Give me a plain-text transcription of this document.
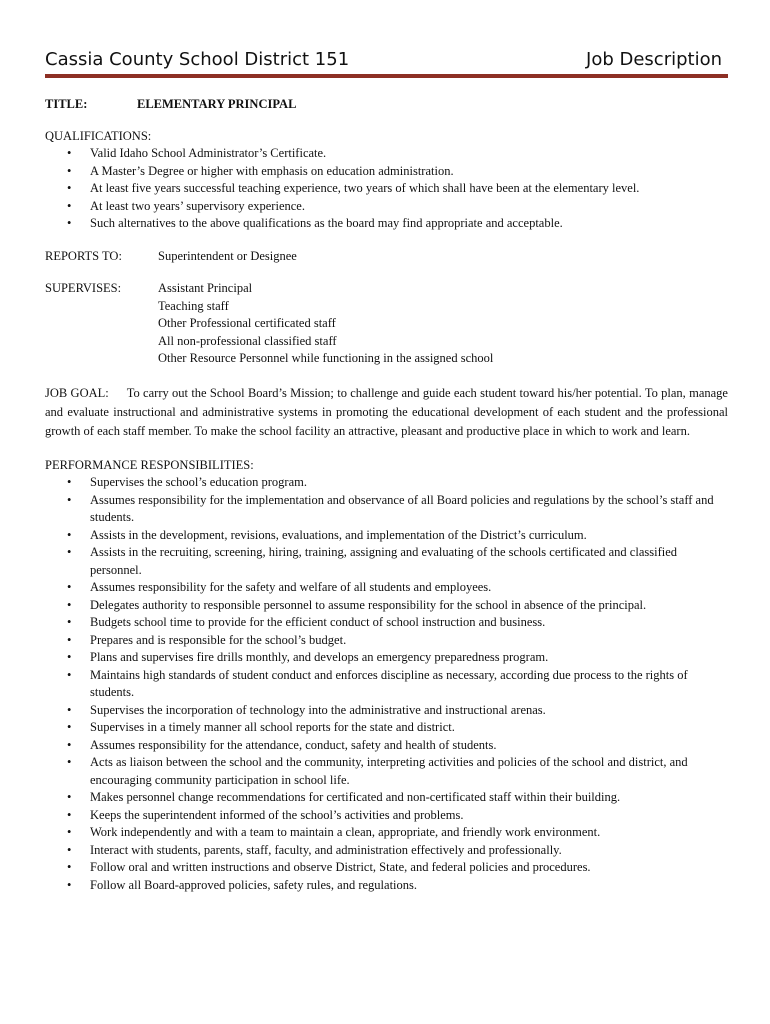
Cassia County School District 151	Job Description
TITLE:	ELEMENTARY PRINCIPAL
QUALIFICATIONS:
• Valid Idaho School Administrator’s Certificate.
• A Master’s Degree or higher with emphasis on education administration.
• At least five years successful teaching experience, two years of which shall have been at the elementary level.
• At least two years’ supervisory experience.
• Such alternatives to the above qualifications as the board may find appropriate and acceptable.
REPORTS TO:	Superintendent or Designee
SUPERVISES:	Assistant Principal
Teaching staff
Other Professional certificated staff
All non-professional classified staff
Other Resource Personnel while functioning in the assigned school
JOB GOAL: To carry out the School Board’s Mission; to challenge and guide each student toward his/her potential. To plan, manage and evaluate instructional and administrative systems in promoting the educational development of each student and the professional growth of each staff member. To make the school facility an attractive, pleasant and productive place in which to work and learn.
PERFORMANCE RESPONSIBILITIES:
• Supervises the school’s education program.
• Assumes responsibility for the implementation and observance of all Board policies and regulations by the school’s staff and students.
• Assists in the development, revisions, evaluations, and implementation of the District’s curriculum.
• Assists in the recruiting, screening, hiring, training, assigning and evaluating of the schools certificated and classified personnel.
• Assumes responsibility for the safety and welfare of all students and employees.
• Delegates authority to responsible personnel to assume responsibility for the school in absence of the principal.
• Budgets school time to provide for the efficient conduct of school instruction and business.
• Prepares and is responsible for the school’s budget.
• Plans and supervises fire drills monthly, and develops an emergency preparedness program.
• Maintains high standards of student conduct and enforces discipline as necessary, according due process to the rights of students.
• Supervises the incorporation of technology into the administrative and instructional arenas.
• Supervises in a timely manner all school reports for the state and district.
• Assumes responsibility for the attendance, conduct, safety and health of students.
• Acts as liaison between the school and the community, interpreting activities and policies of the school and district, and encouraging community participation in school life.
• Makes personnel change recommendations for certificated and non-certificated staff within their building.
• Keeps the superintendent informed of the school’s activities and problems.
• Work independently and with a team to maintain a clean, appropriate, and friendly work environment.
• Interact with students, parents, staff, faculty, and administration effectively and professionally.
• Follow oral and written instructions and observe District, State, and federal policies and procedures.
• Follow all Board-approved policies, safety rules, and regulations.
